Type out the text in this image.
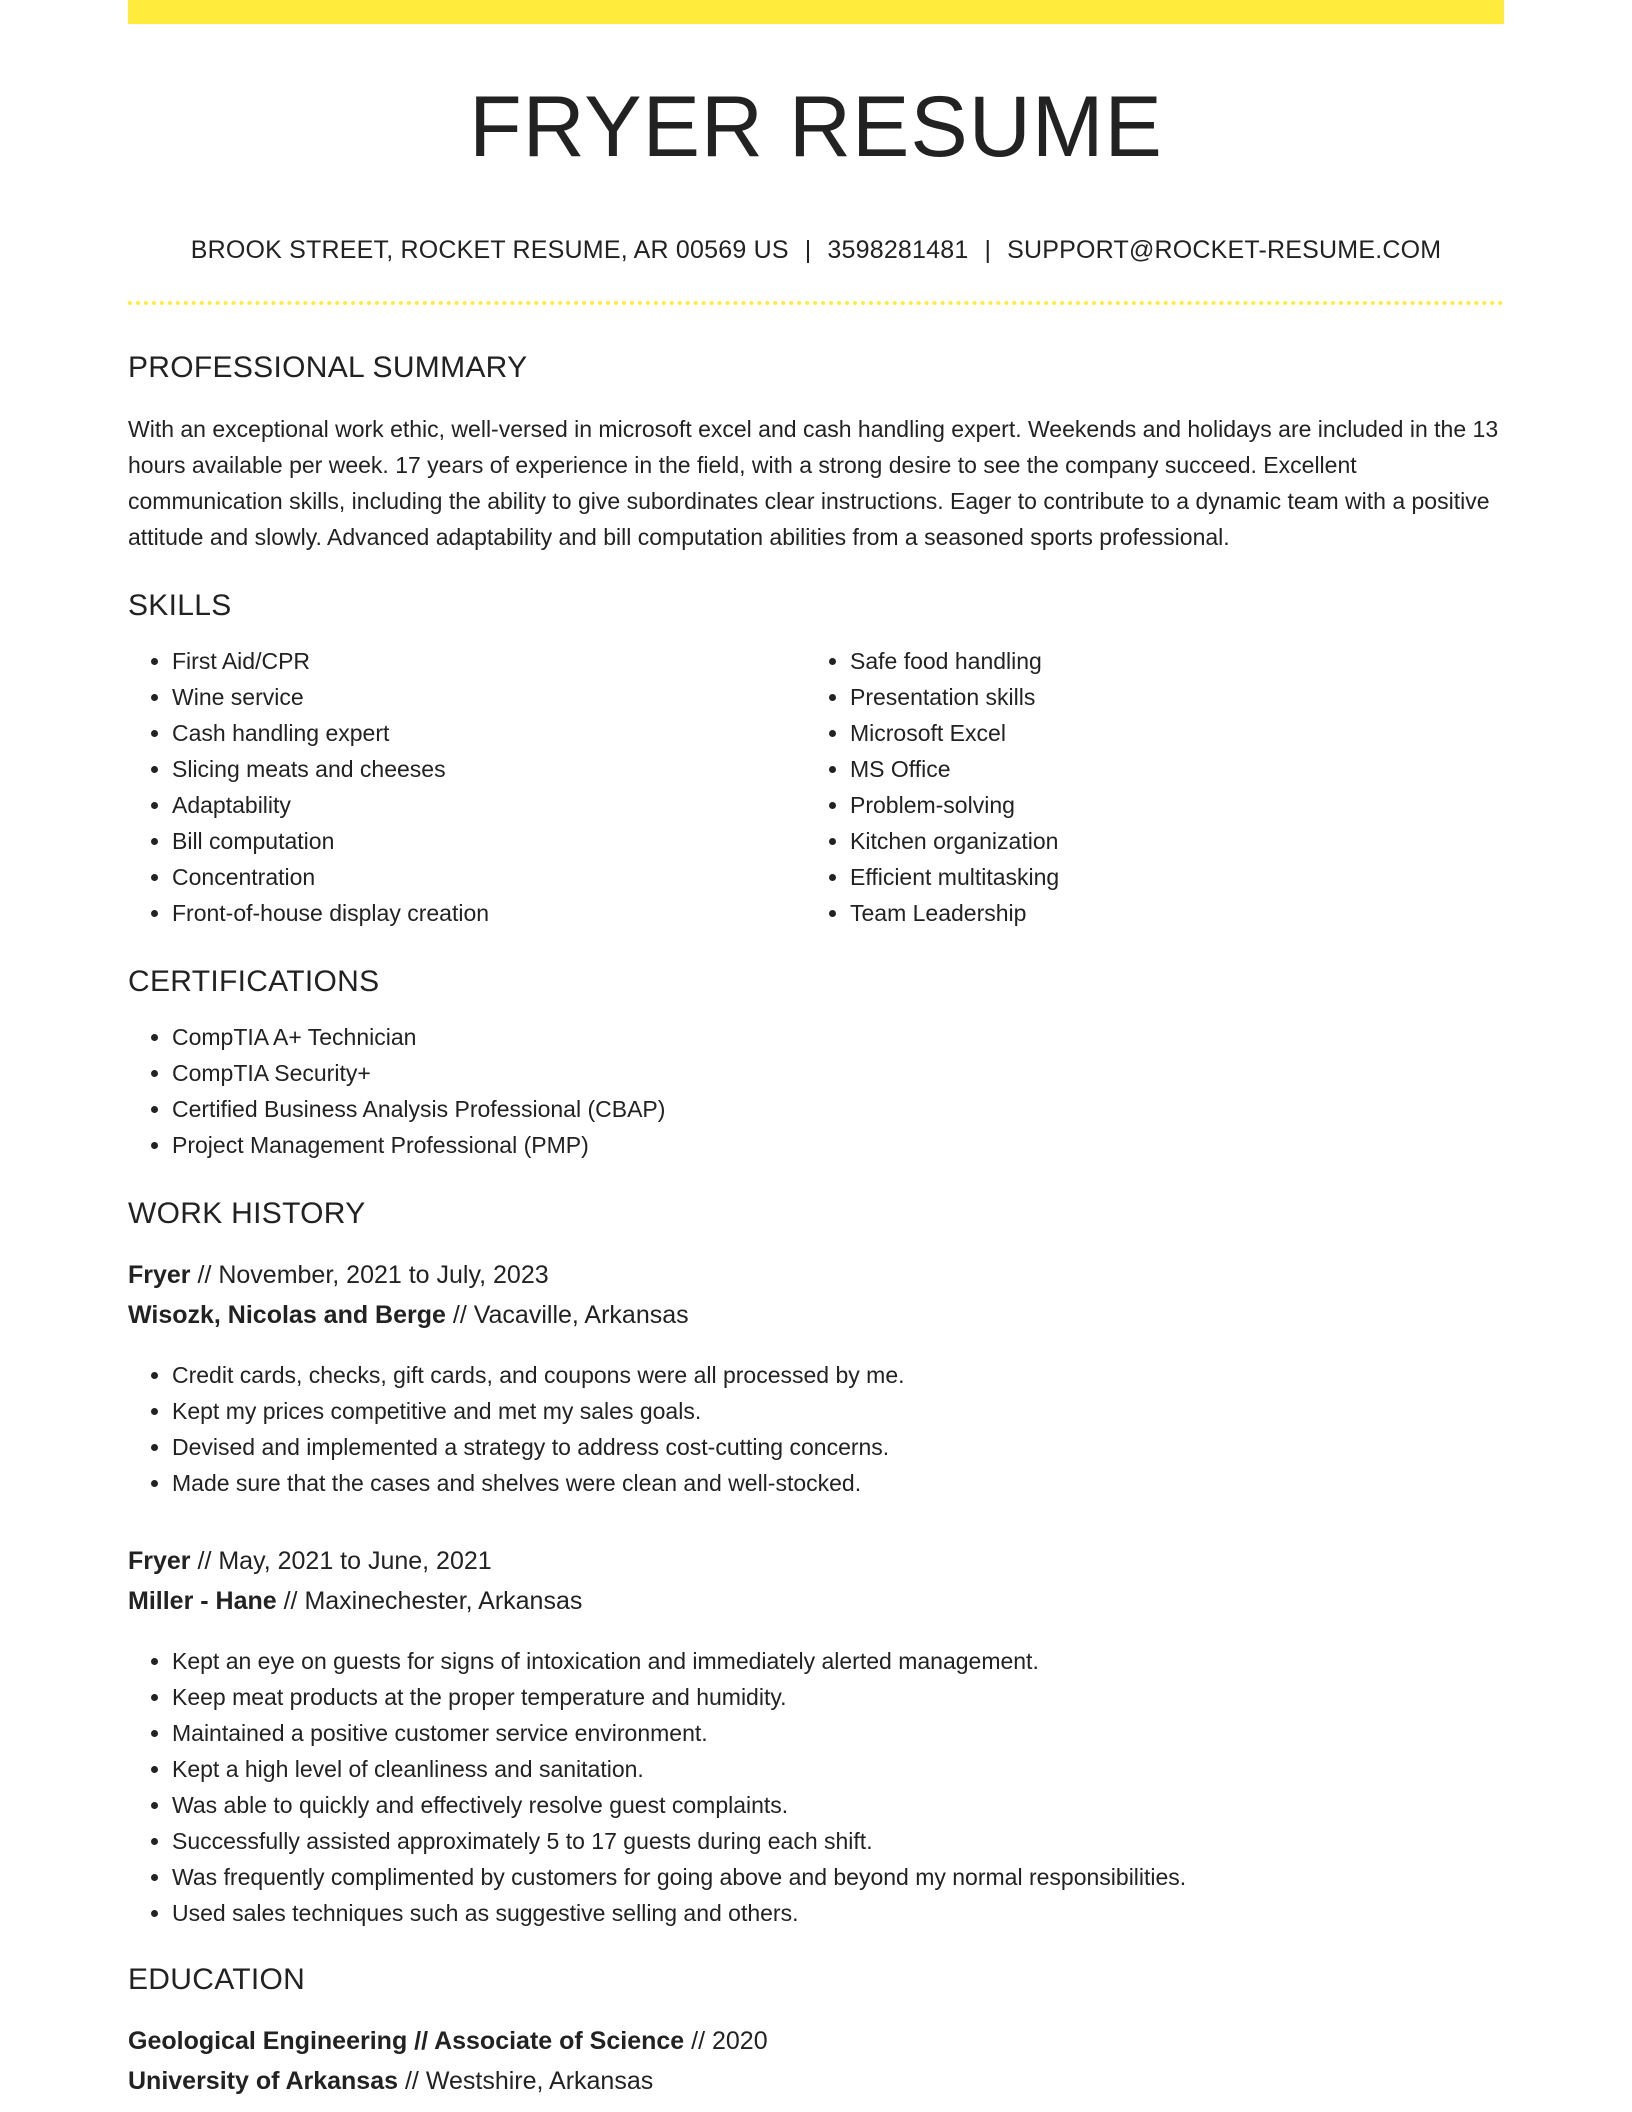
FRYER RESUME
BROOK STREET, ROCKET RESUME, AR 00569 US | 3598281481 | SUPPORT@ROCKET-RESUME.COM
PROFESSIONAL SUMMARY

With an exceptional work ethic, well-versed in microsoft excel and cash handling expert. Weekends and holidays are included in the 13 hours available per week. 17 years of experience in the field, with a strong desire to see the company succeed. Excellent communication skills, including the ability to give subordinates clear instructions. Eager to contribute to a dynamic team with a positive attitude and slowly. Advanced adaptability and bill computation abilities from a seasoned sports professional.

SKILLS
• First Aid/CPR
• Wine service
• Cash handling expert
• Slicing meats and cheeses
• Adaptability
• Bill computation
• Concentration
• Front-of-house display creation
• Safe food handling
• Presentation skills
• Microsoft Excel
• MS Office
• Problem-solving
• Kitchen organization
• Efficient multitasking
• Team Leadership
CERTIFICATIONS
• CompTIA A+ Technician
• CompTIA Security+
• Certified Business Analysis Professional (CBAP)
• Project Management Professional (PMP)
WORK HISTORY

Fryer // November, 2021 to July, 2023

Wisozk, Nicolas and Berge // Vacaville, Arkansas

• Credit cards, checks, gift cards, and coupons were all processed by me.
• Kept my prices competitive and met my sales goals.
• Devised and implemented a strategy to address cost-cutting concerns.
• Made sure that the cases and shelves were clean and well-stocked.

Fryer // May, 2021 to June, 2021

Miller - Hane // Maxinechester, Arkansas

• Kept an eye on guests for signs of intoxication and immediately alerted management.
• Keep meat products at the proper temperature and humidity.
• Maintained a positive customer service environment.
• Kept a high level of cleanliness and sanitation.
• Was able to quickly and effectively resolve guest complaints.
• Successfully assisted approximately 5 to 17 guests during each shift.
• Was frequently complimented by customers for going above and beyond my normal responsibilities.
• Used sales techniques such as suggestive selling and others.
EDUCATION

Geological Engineering // Associate of Science // 2020

University of Arkansas // Westshire, Arkansas
